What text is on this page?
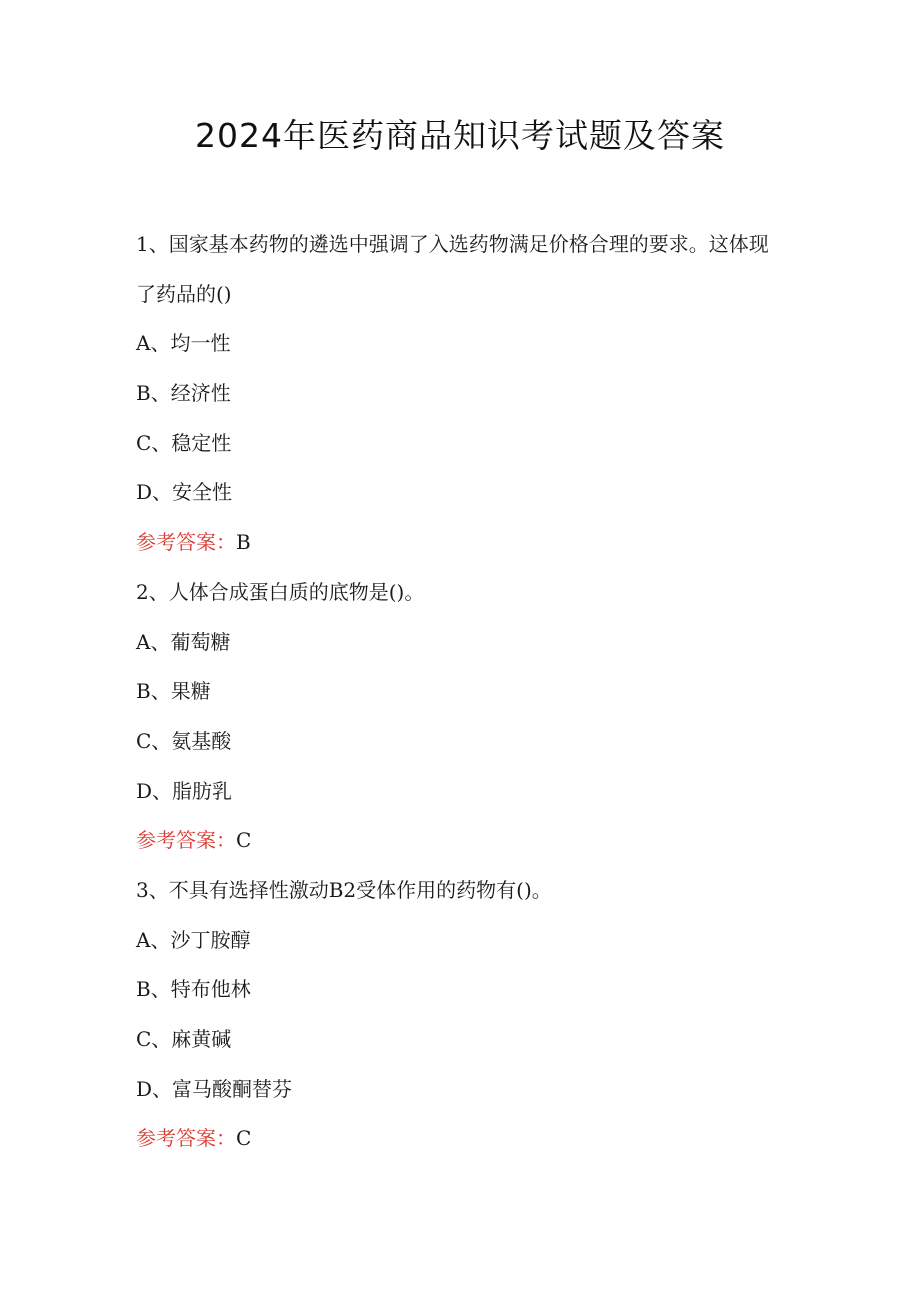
2024年医药商品知识考试题及答案
1、国家基本药物的遴选中强调了入选药物满足价格合理的要求。这体现了药品的()
A、均一性
B、经济性
C、稳定性
D、安全性
参考答案：B
2、人体合成蛋白质的底物是()。
A、葡萄糖
B、果糖
C、氨基酸
D、脂肪乳
参考答案：C
3、不具有选择性激动B2受体作用的药物有()。
A、沙丁胺醇
B、特布他林
C、麻黄碱
D、富马酸酮替芬
参考答案：C
